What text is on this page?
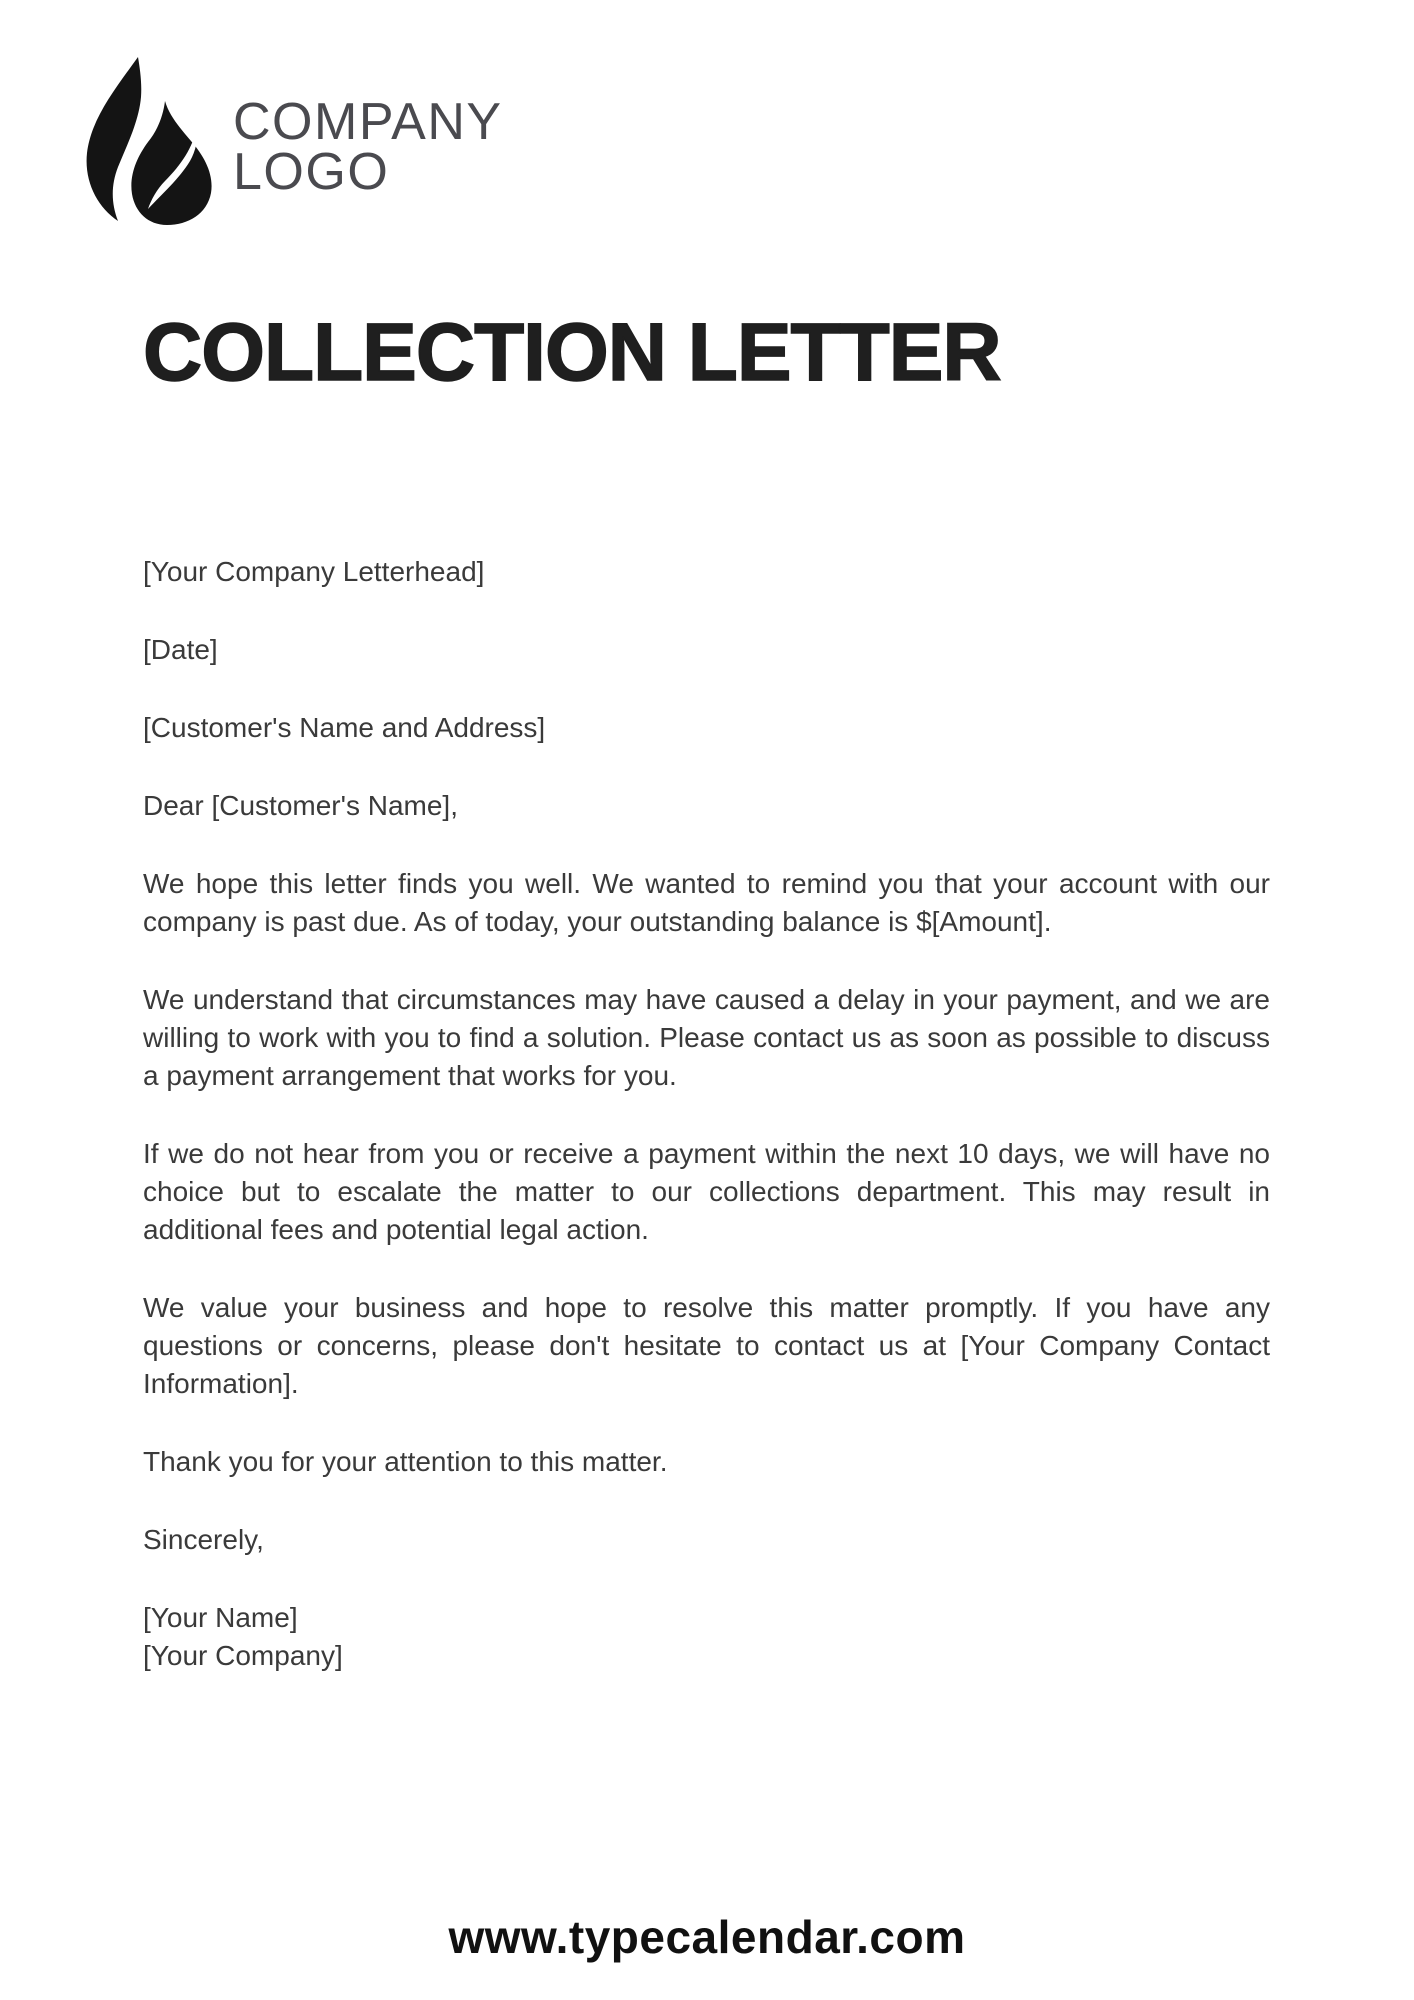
COMPANY
LOGO
COLLECTION LETTER

[Your Company Letterhead]

[Date]

[Customer's Name and Address]

Dear [Customer's Name],

We hope this letter finds you well. We wanted to remind you that your account with our company is past due. As of today, your outstanding balance is $[Amount].

We understand that circumstances may have caused a delay in your payment, and we are willing to work with you to find a solution. Please contact us as soon as possible to discuss a payment arrangement that works for you.

If we do not hear from you or receive a payment within the next 10 days, we will have no choice but to escalate the matter to our collections department. This may result in additional fees and potential legal action.

We value your business and hope to resolve this matter promptly. If you have any questions or concerns, please don't hesitate to contact us at [Your Company Contact Information].

Thank you for your attention to this matter.

Sincerely,

[Your Name]
[Your Company]
www.typecalendar.com
